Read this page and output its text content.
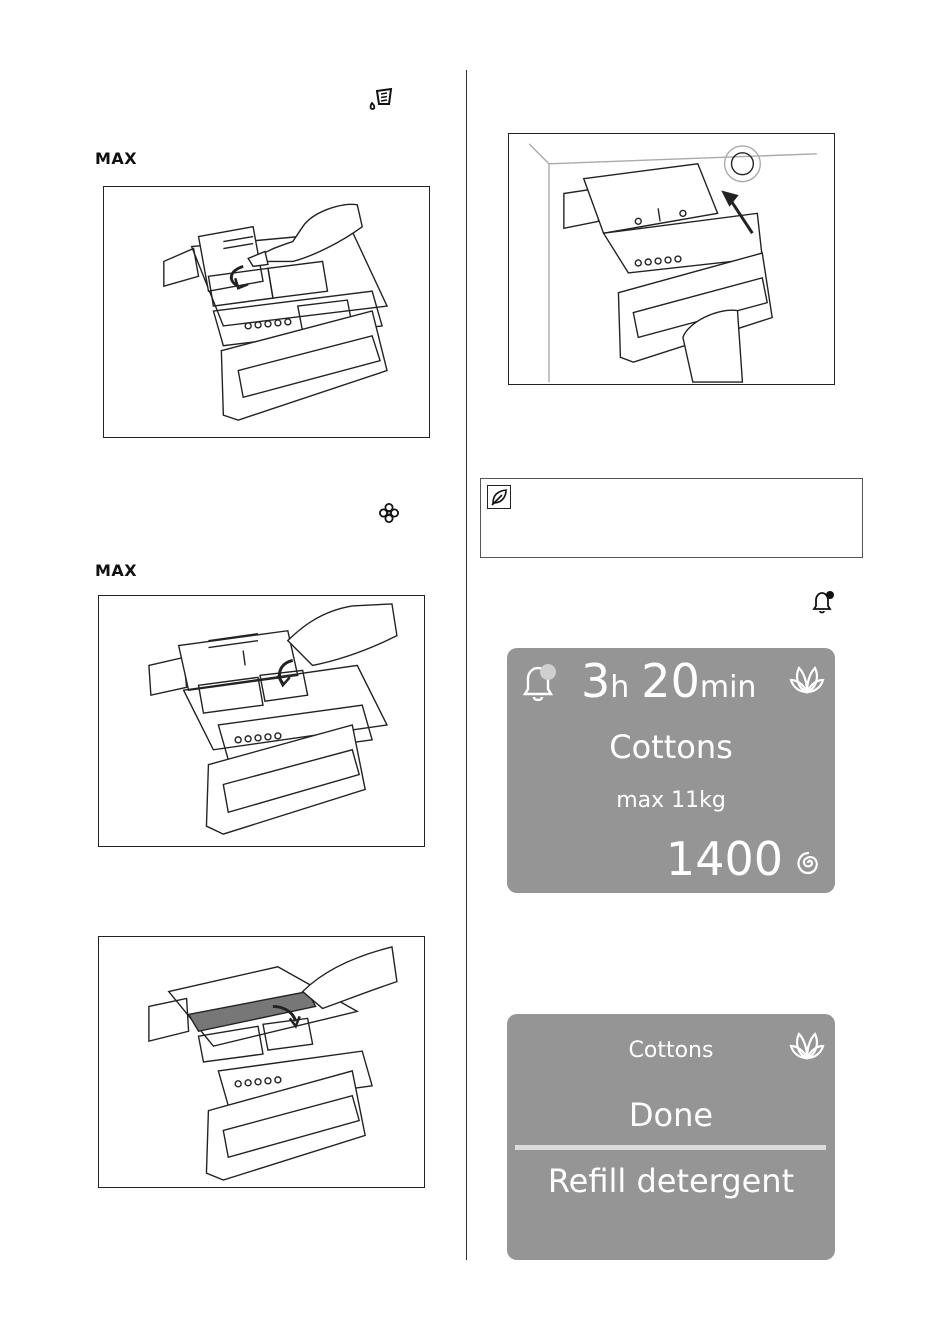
MAX
MAX
3h 20min
Cottons
max 11kg
1400
Cottons
Done
Refill detergent
